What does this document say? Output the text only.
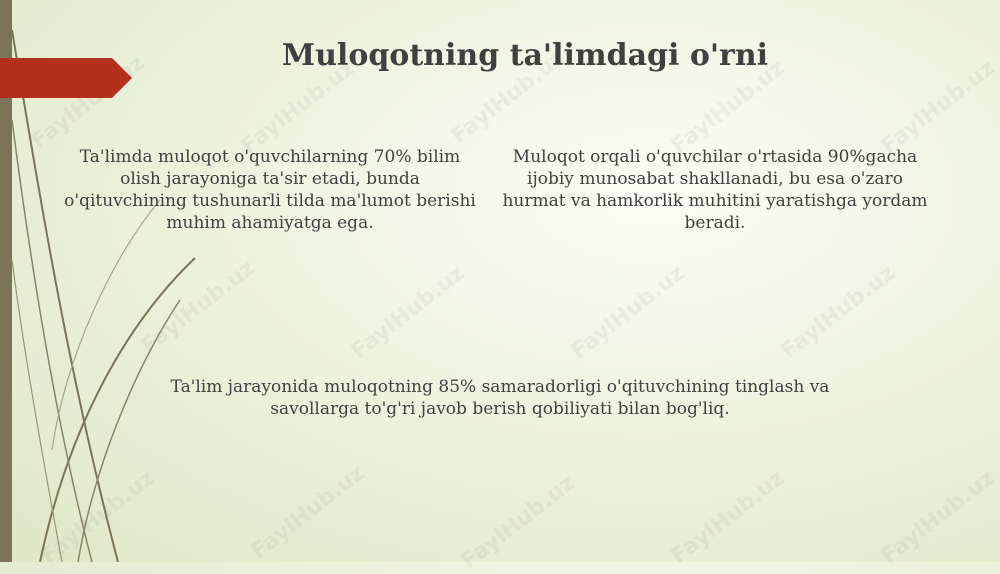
FaylHub.uz	FaylHub.uz	FaylHub.uz	FaylHub.uz	FaylHub.uz
FaylHub.uz	FaylHub.uz	FaylHub.uz	FaylHub.uz
FaylHub.uz	FaylHub.uz	FaylHub.uz	FaylHub.uz	FaylHub.uz
Muloqotning ta'limdagi o'rni
Ta'limda muloqot o'quvchilarning 70% bilim olish jarayoniga ta'sir etadi, bunda o'qituvchining tushunarli tilda ma'lumot berishi muhim ahamiyatga ega.
Muloqot orqali o'quvchilar o'rtasida 90%gacha ijobiy munosabat shakllanadi, bu esa o'zaro hurmat va hamkorlik muhitini yaratishga yordam beradi.
Ta'lim jarayonida muloqotning 85% samaradorligi o'qituvchining tinglash va savollarga to'g'ri javob berish qobiliyati bilan bog'liq.
